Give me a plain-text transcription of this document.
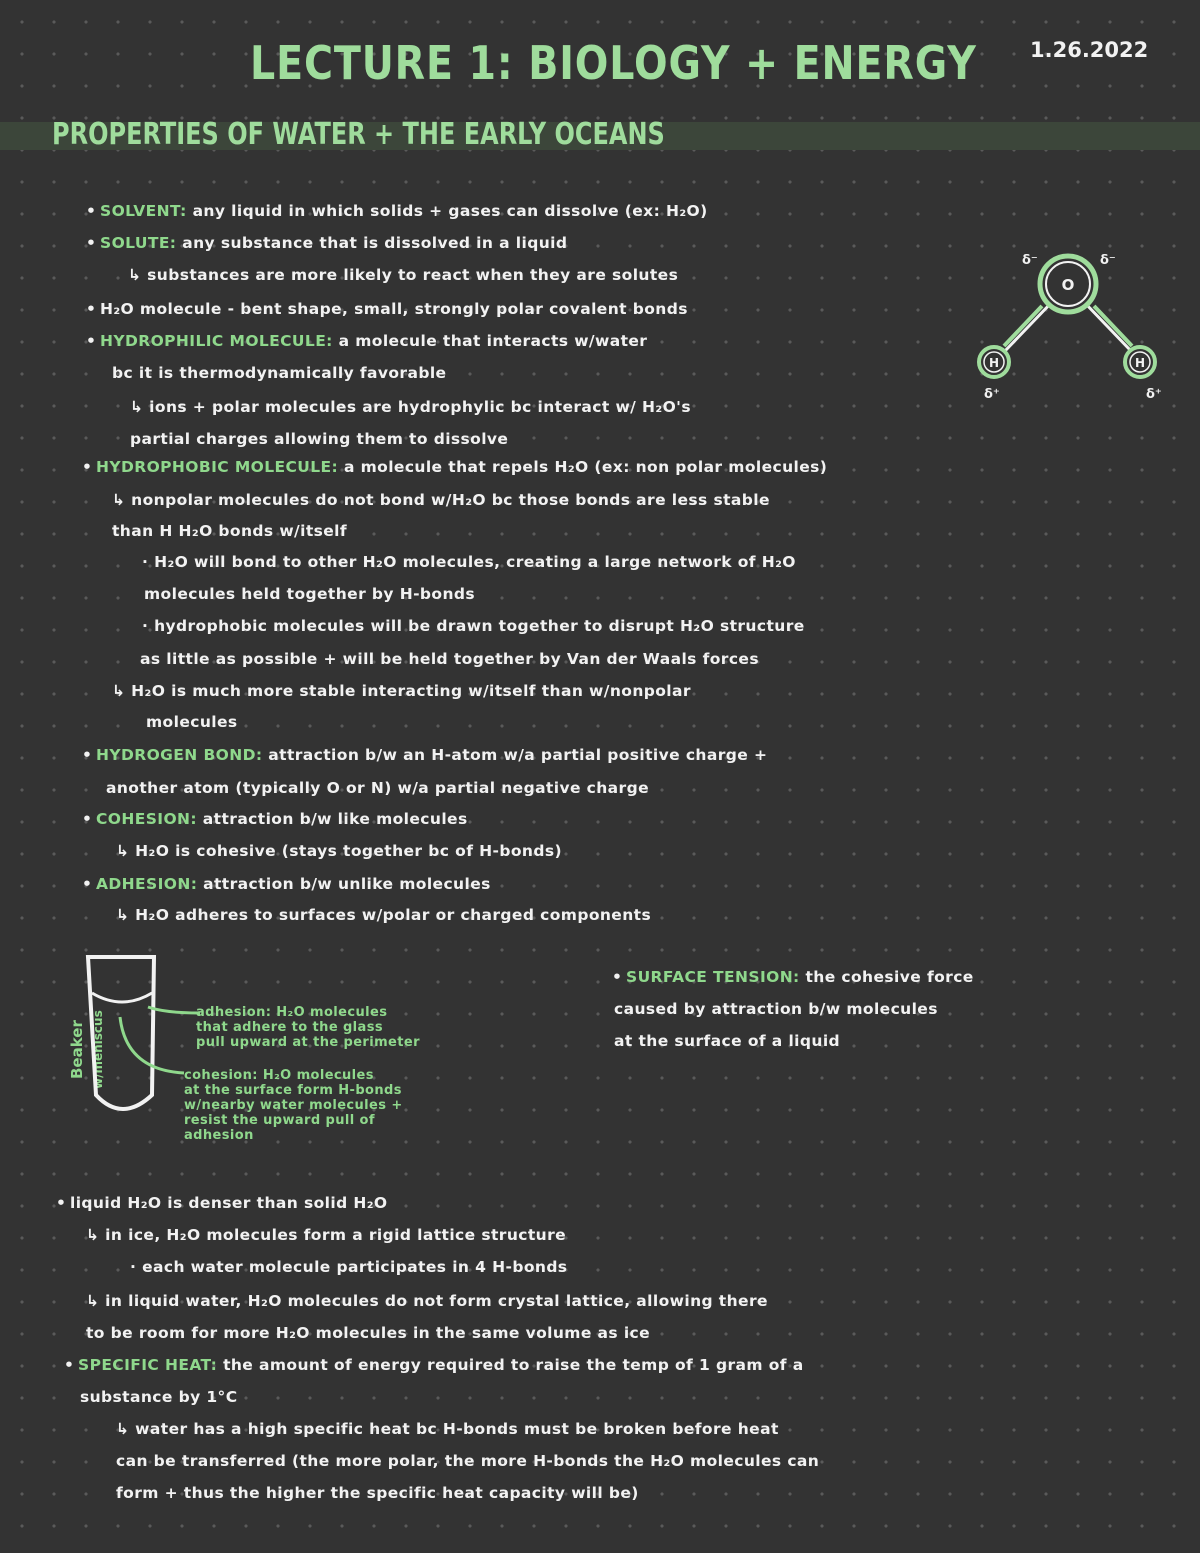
LECTURE 1: BIOLOGY + ENERGY	1.26.2022
PROPERTIES OF WATER + THE EARLY OCEANS
• SOLVENT: any liquid in which solids + gases can dissolve (ex: H₂O)
• SOLUTE: any substance that is dissolved in a liquid
↳ substances are more likely to react when they are solutes
• H₂O molecule - bent shape, small, strongly polar covalent bonds
• HYDROPHILIC MOLECULE: a molecule that interacts w/water
bc it is thermodynamically favorable
↳ ions + polar molecules are hydrophylic bc interact w/ H₂O's
partial charges allowing them to dissolve
• HYDROPHOBIC MOLECULE: a molecule that repels H₂O (ex: non polar molecules)
↳ nonpolar molecules do not bond w/H₂O bc those bonds are less stable
than H H₂O bonds w/itself
· H₂O will bond to other H₂O molecules, creating a large network of H₂O
molecules held together by H-bonds
· hydrophobic molecules will be drawn together to disrupt H₂O structure
as little as possible + will be held together by Van der Waals forces
↳ H₂O is much more stable interacting w/itself than w/nonpolar
molecules
• HYDROGEN BOND: attraction b/w an H-atom w/a partial positive charge +
another atom (typically O or N) w/a partial negative charge
• COHESION: attraction b/w like molecules
↳ H₂O is cohesive (stays together bc of H-bonds)
• ADHESION: attraction b/w unlike molecules
↳ H₂O adheres to surfaces w/polar or charged components
O
H	H
δ⁻	δ⁻
δ⁺	δ⁺
Beaker w/meniscus	adhesion: H₂O molecules
that adhere to the glass
pull upward at the perimeter
cohesion: H₂O molecules
at the surface form H-bonds
w/nearby water molecules +
resist the upward pull of
adhesion
• SURFACE TENSION: the cohesive force
caused by attraction b/w molecules
at the surface of a liquid
• liquid H₂O is denser than solid H₂O
↳ in ice, H₂O molecules form a rigid lattice structure
· each water molecule participates in 4 H-bonds
↳ in liquid water, H₂O molecules do not form crystal lattice, allowing there
to be room for more H₂O molecules in the same volume as ice
• SPECIFIC HEAT: the amount of energy required to raise the temp of 1 gram of a
substance by 1°C
↳ water has a high specific heat bc H-bonds must be broken before heat
can be transferred (the more polar, the more H-bonds the H₂O molecules can
form + thus the higher the specific heat capacity will be)
